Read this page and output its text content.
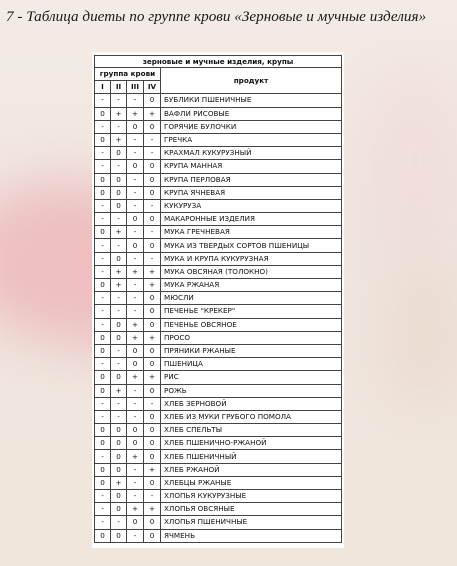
7 - Таблица диеты по группе крови «Зерновые и мучные изделия»
зерновые и мучные изделия, крупы				
группа крови				продукт
I	II	III	IV	
-	-	-	0	БУБЛИКИ ПШЕНИЧНЫЕ
0	+	+	+	ВАФЛИ РИСОВЫЕ
-	-	0	0	ГОРЯЧИЕ БУЛОЧКИ
0	+	-	-	ГРЕЧКА
-	0	-	-	КРАХМАЛ КУКУРУЗНЫЙ
-	-	0	0	КРУПА МАННАЯ
0	0	-	0	КРУПА ПЕРЛОВАЯ
0	0	-	0	КРУПА ЯЧНЕВАЯ
-	0	-	-	КУКУРУЗА
-	-	0	0	МАКАРОННЫЕ ИЗДЕЛИЯ
0	+	-	-	МУКА ГРЕЧНЕВАЯ
-	-	0	0	МУКА ИЗ ТВЕРДЫХ СОРТОВ ПШЕНИЦЫ
-	0	-	-	МУКА И КРУПА КУКУРУЗНАЯ
-	+	+	+	МУКА ОВСЯНАЯ (ТОЛОКНО)
0	+	-	+	МУКА РЖАНАЯ
-	-	-	0	МЮСЛИ
-	-	-	0	ПЕЧЕНЬЕ "КРЕКЕР"
-	0	+	0	ПЕЧЕНЬЕ ОВСЯНОЕ
0	0	+	+	ПРОСО
0	-	0	0	ПРЯНИКИ РЖАНЫЕ
-	-	0	0	ПШЕНИЦА
0	0	+	+	РИС
0	+	-	0	РОЖЬ
-	-	-	-	ХЛЕБ ЗЕРНОВОЙ
-	-	-	0	ХЛЕБ ИЗ МУКИ ГРУБОГО ПОМОЛА
0	0	0	0	ХЛЕБ СПЕЛЬТЫ
0	0	0	0	ХЛЕБ ПШЕНИЧНО-РЖАНОЙ
-	0	+	0	ХЛЕБ ПШЕНИЧНЫЙ
0	0	-	+	ХЛЕБ РЖАНОЙ
0	+	-	0	ХЛЕБЦЫ РЖАНЫЕ
-	0	-	-	ХЛОПЬЯ КУКУРУЗНЫЕ
-	0	+	+	ХЛОПЬЯ ОВСЯНЫЕ
-	-	0	0	ХЛОПЬЯ ПШЕНИЧНЫЕ
0	0	-	0	ЯЧМЕНЬ
